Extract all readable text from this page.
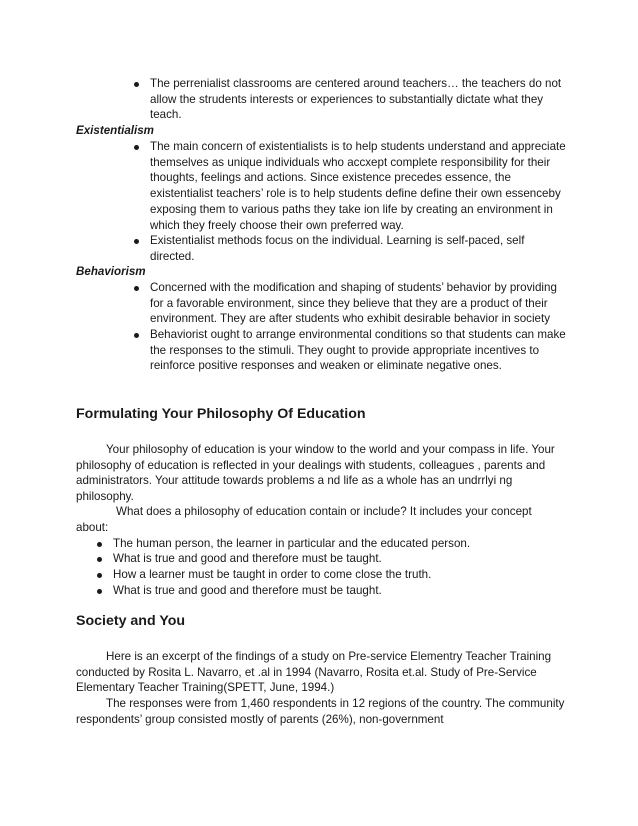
The perrenialist classrooms are centered around teachers… the teachers do not allow the strudents interests or experiences to substantially dictate what they teach.
Existentialism
The main concern of existentialists is to help students understand and appreciate themselves as unique individuals who accxept complete responsibility for their thoughts, feelings and actions. Since existence precedes essence, the existentialist teachers’ role is to help students define define their own essenceby exposing them to various paths they take ion life by creating an environment in which they freely choose their own preferred way.
Existentialist methods focus on the individual. Learning is self-paced, self directed.
Behaviorism
Concerned with the modification and shaping of students’ behavior by providing for a favorable environment, since they believe that they are a product of their environment. They are after students who exhibit desirable behavior in society
Behaviorist ought to arrange environmental conditions so that students can make the responses to the stimuli. They ought to provide appropriate incentives to reinforce positive responses and weaken or eliminate negative ones.
Formulating Your Philosophy Of Education
Your philosophy of education is your window to the world and your compass in life. Your philosophy of education is reflected in your dealings with students, colleagues , parents and administrators. Your attitude towards problems a nd life as a whole has an undrrlyi ng philosophy.
What does a philosophy of education contain or include? It includes your concept about:
The human person, the learner in particular and the educated person.
What is true and good and therefore must be taught.
How a learner must be taught in order to come close the truth.
What is true and good and therefore must be taught.
Society and You
Here is an excerpt of the findings of a study on Pre-service Elementry Teacher Training conducted by Rosita L. Navarro, et .al in 1994 (Navarro, Rosita et.al. Study of Pre-Service Elementary Teacher Training(SPETT, June, 1994.)
The responses were from 1,460 respondents in 12 regions of the country. The community respondents’ group consisted mostly of parents (26%), non-government
